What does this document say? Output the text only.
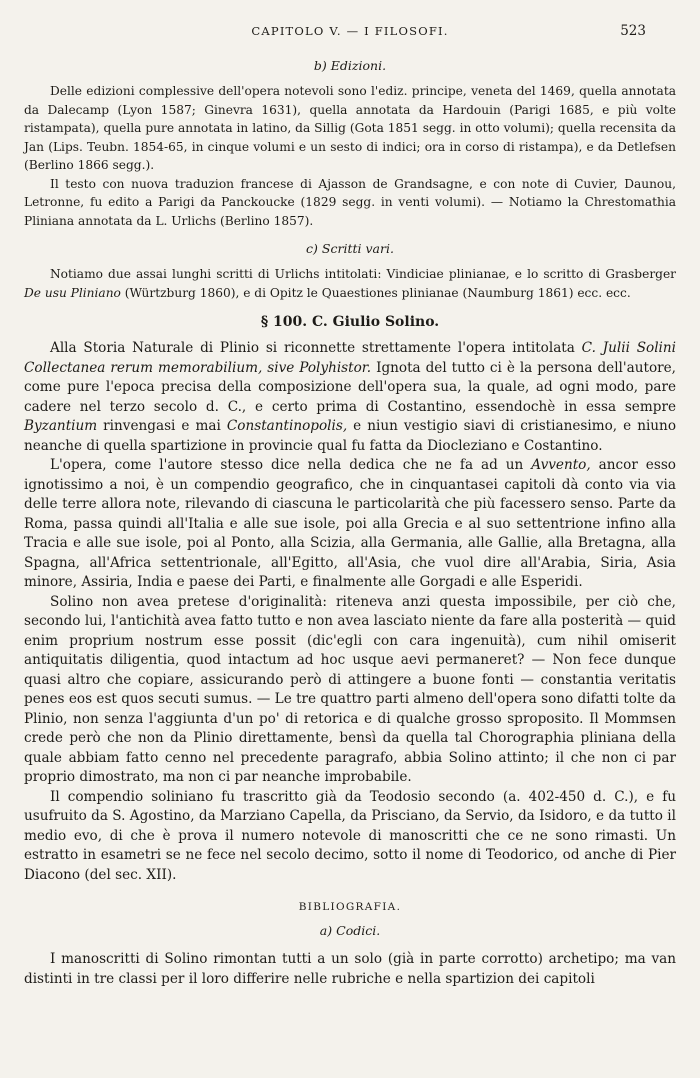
CAPITOLO V. — I FILOSOFI.	523
b) Edizioni.

Delle edizioni complessive dell'opera notevoli sono l'ediz. principe, veneta del 1469, quella annotata da Dalecamp (Lyon 1587; Ginevra 1631), quella annotata da Hardouin (Parigi 1685, e più volte ristampata), quella pure annotata in latino, da Sillig (Gota 1851 segg. in otto volumi); quella recensita da Jan (Lips. Teubn. 1854-65, in cinque volumi e un sesto di indici; ora in corso di ristampa), e da Detlefsen (Berlino 1866 segg.).

Il testo con nuova traduzion francese di Ajasson de Grandsagne, e con note di Cuvier, Daunou, Letronne, fu edito a Parigi da Panckoucke (1829 segg. in venti volumi). — Notiamo la Chrestomathia Pliniana annotata da L. Urlichs (Berlino 1857).

c) Scritti vari.

Notiamo due assai lunghi scritti di Urlichs intitolati: Vindiciae plinianae, e lo scritto di Grasberger De usu Pliniano (Würtzburg 1860), e di Opitz le Quaestiones plinianae (Naumburg 1861) ecc. ecc.

§ 100. C. Giulio Solino.

Alla Storia Naturale di Plinio si riconnette strettamente l'opera intitolata C. Julii Solini Collectanea rerum memorabilium, sive Polyhistor. Ignota del tutto ci è la persona dell'autore, come pure l'epoca precisa della composizione dell'opera sua, la quale, ad ogni modo, pare cadere nel terzo secolo d. C., e certo prima di Costantino, essendochè in essa sempre Byzantium rinvengasi e mai Constantinopolis, e niun vestigio siavi di cristianesimo, e niuno neanche di quella spartizione in provincie qual fu fatta da Diocleziano e Costantino.

L'opera, come l'autore stesso dice nella dedica che ne fa ad un Avvento, ancor esso ignotissimo a noi, è un compendio geografico, che in cinquantasei capitoli dà conto via via delle terre allora note, rilevando di ciascuna le particolarità che più facessero senso. Parte da Roma, passa quindi all'Italia e alle sue isole, poi alla Grecia e al suo settentrione infino alla Tracia e alle sue isole, poi al Ponto, alla Scizia, alla Germania, alle Gallie, alla Bretagna, alla Spagna, all'Africa settentrionale, all'Egitto, all'Asia, che vuol dire all'Arabia, Siria, Asia minore, Assiria, India e paese dei Parti, e finalmente alle Gorgadi e alle Esperidi.

Solino non avea pretese d'originalità: riteneva anzi questa impossibile, per ciò che, secondo lui, l'antichità avea fatto tutto e non avea lasciato niente da fare alla posterità — quid enim proprium nostrum esse possit (dic'egli con cara ingenuità), cum nihil omiserit antiquitatis diligentia, quod intactum ad hoc usque aevi permaneret? — Non fece dunque quasi altro che copiare, assicurando però di attingere a buone fonti — constantia veritatis penes eos est quos secuti sumus. — Le tre quattro parti almeno dell'opera sono difatti tolte da Plinio, non senza l'aggiunta d'un po' di retorica e di qualche grosso sproposito. Il Mommsen crede però che non da Plinio direttamente, bensì da quella tal Chorographia pliniana della quale abbiam fatto cenno nel precedente paragrafo, abbia Solino attinto; il che non ci par proprio dimostrato, ma non ci par neanche improbabile.

Il compendio soliniano fu trascritto già da Teodosio secondo (a. 402-450 d. C.), e fu usufruito da S. Agostino, da Marziano Capella, da Prisciano, da Servio, da Isidoro, e da tutto il medio evo, di che è prova il numero notevole di manoscritti che ce ne sono rimasti. Un estratto in esametri se ne fece nel secolo decimo, sotto il nome di Teodorico, od anche di Pier Diacono (del sec. XII).

BIBLIOGRAFIA.
a) Codici.

I manoscritti di Solino rimontan tutti a un solo (già in parte corrotto) archetipo; ma van distinti in tre classi per il loro differire nelle rubriche e nella spartizion dei capitoli
